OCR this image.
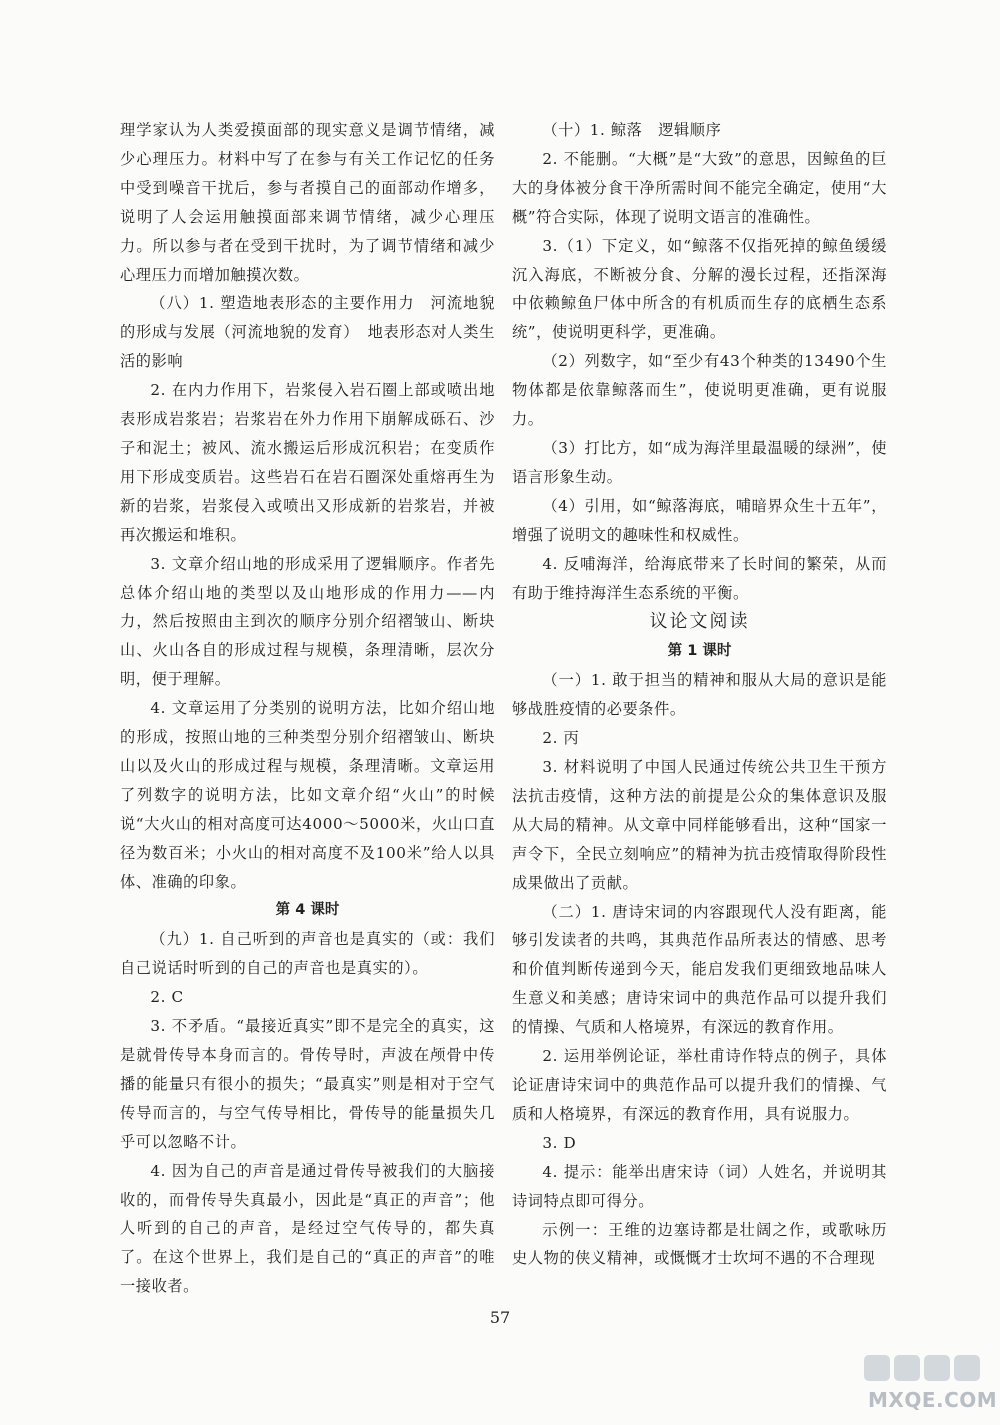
理学家认为人类爱摸面部的现实意义是调节情绪，减少心理压力。材料中写了在参与有关工作记忆的任务中受到噪音干扰后，参与者摸自己的面部动作增多，说明了人会运用触摸面部来调节情绪，减少心理压力。所以参与者在受到干扰时，为了调节情绪和减少心理压力而增加触摸次数。

（八）1. 塑造地表形态的主要作用力　河流地貌的形成与发展（河流地貌的发育）　地表形态对人类生活的影响

2. 在内力作用下，岩浆侵入岩石圈上部或喷出地表形成岩浆岩；岩浆岩在外力作用下崩解成砾石、沙子和泥土；被风、流水搬运后形成沉积岩；在变质作用下形成变质岩。这些岩石在岩石圈深处重熔再生为新的岩浆，岩浆侵入或喷出又形成新的岩浆岩，并被再次搬运和堆积。

3. 文章介绍山地的形成采用了逻辑顺序。作者先总体介绍山地的类型以及山地形成的作用力——内力，然后按照由主到次的顺序分别介绍褶皱山、断块山、火山各自的形成过程与规模，条理清晰，层次分明，便于理解。

4. 文章运用了分类别的说明方法，比如介绍山地的形成，按照山地的三种类型分别介绍褶皱山、断块山以及火山的形成过程与规模，条理清晰。文章运用了列数字的说明方法，比如文章介绍“火山”的时候说“大火山的相对高度可达4000～5000米，火山口直径为数百米；小火山的相对高度不及100米”给人以具体、准确的印象。

第 4 课时

（九）1. 自己听到的声音也是真实的（或：我们自己说话时听到的自己的声音也是真实的）。

2. C

3. 不矛盾。“最接近真实”即不是完全的真实，这是就骨传导本身而言的。骨传导时，声波在颅骨中传播的能量只有很小的损失；“最真实”则是相对于空气传导而言的，与空气传导相比，骨传导的能量损失几乎可以忽略不计。

4. 因为自己的声音是通过骨传导被我们的大脑接收的，而骨传导失真最小，因此是“真正的声音”；他人听到的自己的声音，是经过空气传导的，都失真了。在这个世界上，我们是自己的“真正的声音”的唯一接收者。

（十）1. 鲸落　逻辑顺序

2. 不能删。“大概”是“大致”的意思，因鲸鱼的巨大的身体被分食干净所需时间不能完全确定，使用“大概”符合实际，体现了说明文语言的准确性。

3.（1）下定义，如“鲸落不仅指死掉的鲸鱼缓缓沉入海底，不断被分食、分解的漫长过程，还指深海中依赖鲸鱼尸体中所含的有机质而生存的底栖生态系统”，使说明更科学，更准确。

（2）列数字，如“至少有43个种类的13490个生物体都是依靠鲸落而生”，使说明更准确，更有说服力。

（3）打比方，如“成为海洋里最温暖的绿洲”，使语言形象生动。

（4）引用，如“鲸落海底，哺暗界众生十五年”，增强了说明文的趣味性和权威性。

4. 反哺海洋，给海底带来了长时间的繁荣，从而有助于维持海洋生态系统的平衡。

议论文阅读

第 1 课时

（一）1. 敢于担当的精神和服从大局的意识是能够战胜疫情的必要条件。

2. 丙

3. 材料说明了中国人民通过传统公共卫生干预方法抗击疫情，这种方法的前提是公众的集体意识及服从大局的精神。从文章中同样能够看出，这种“国家一声令下，全民立刻响应”的精神为抗击疫情取得阶段性成果做出了贡献。

（二）1. 唐诗宋词的内容跟现代人没有距离，能够引发读者的共鸣，其典范作品所表达的情感、思考和价值判断传递到今天，能启发我们更细致地品味人生意义和美感；唐诗宋词中的典范作品可以提升我们的情操、气质和人格境界，有深远的教育作用。

2. 运用举例论证，举杜甫诗作特点的例子，具体论证唐诗宋词中的典范作品可以提升我们的情操、气质和人格境界，有深远的教育作用，具有说服力。

3. D

4. 提示：能举出唐宋诗（词）人姓名，并说明其诗词特点即可得分。

示例一：王维的边塞诗都是壮阔之作，或歌咏历史人物的侠义精神，或慨慨才士坎坷不遇的不合理现

57
MXQE.COM
